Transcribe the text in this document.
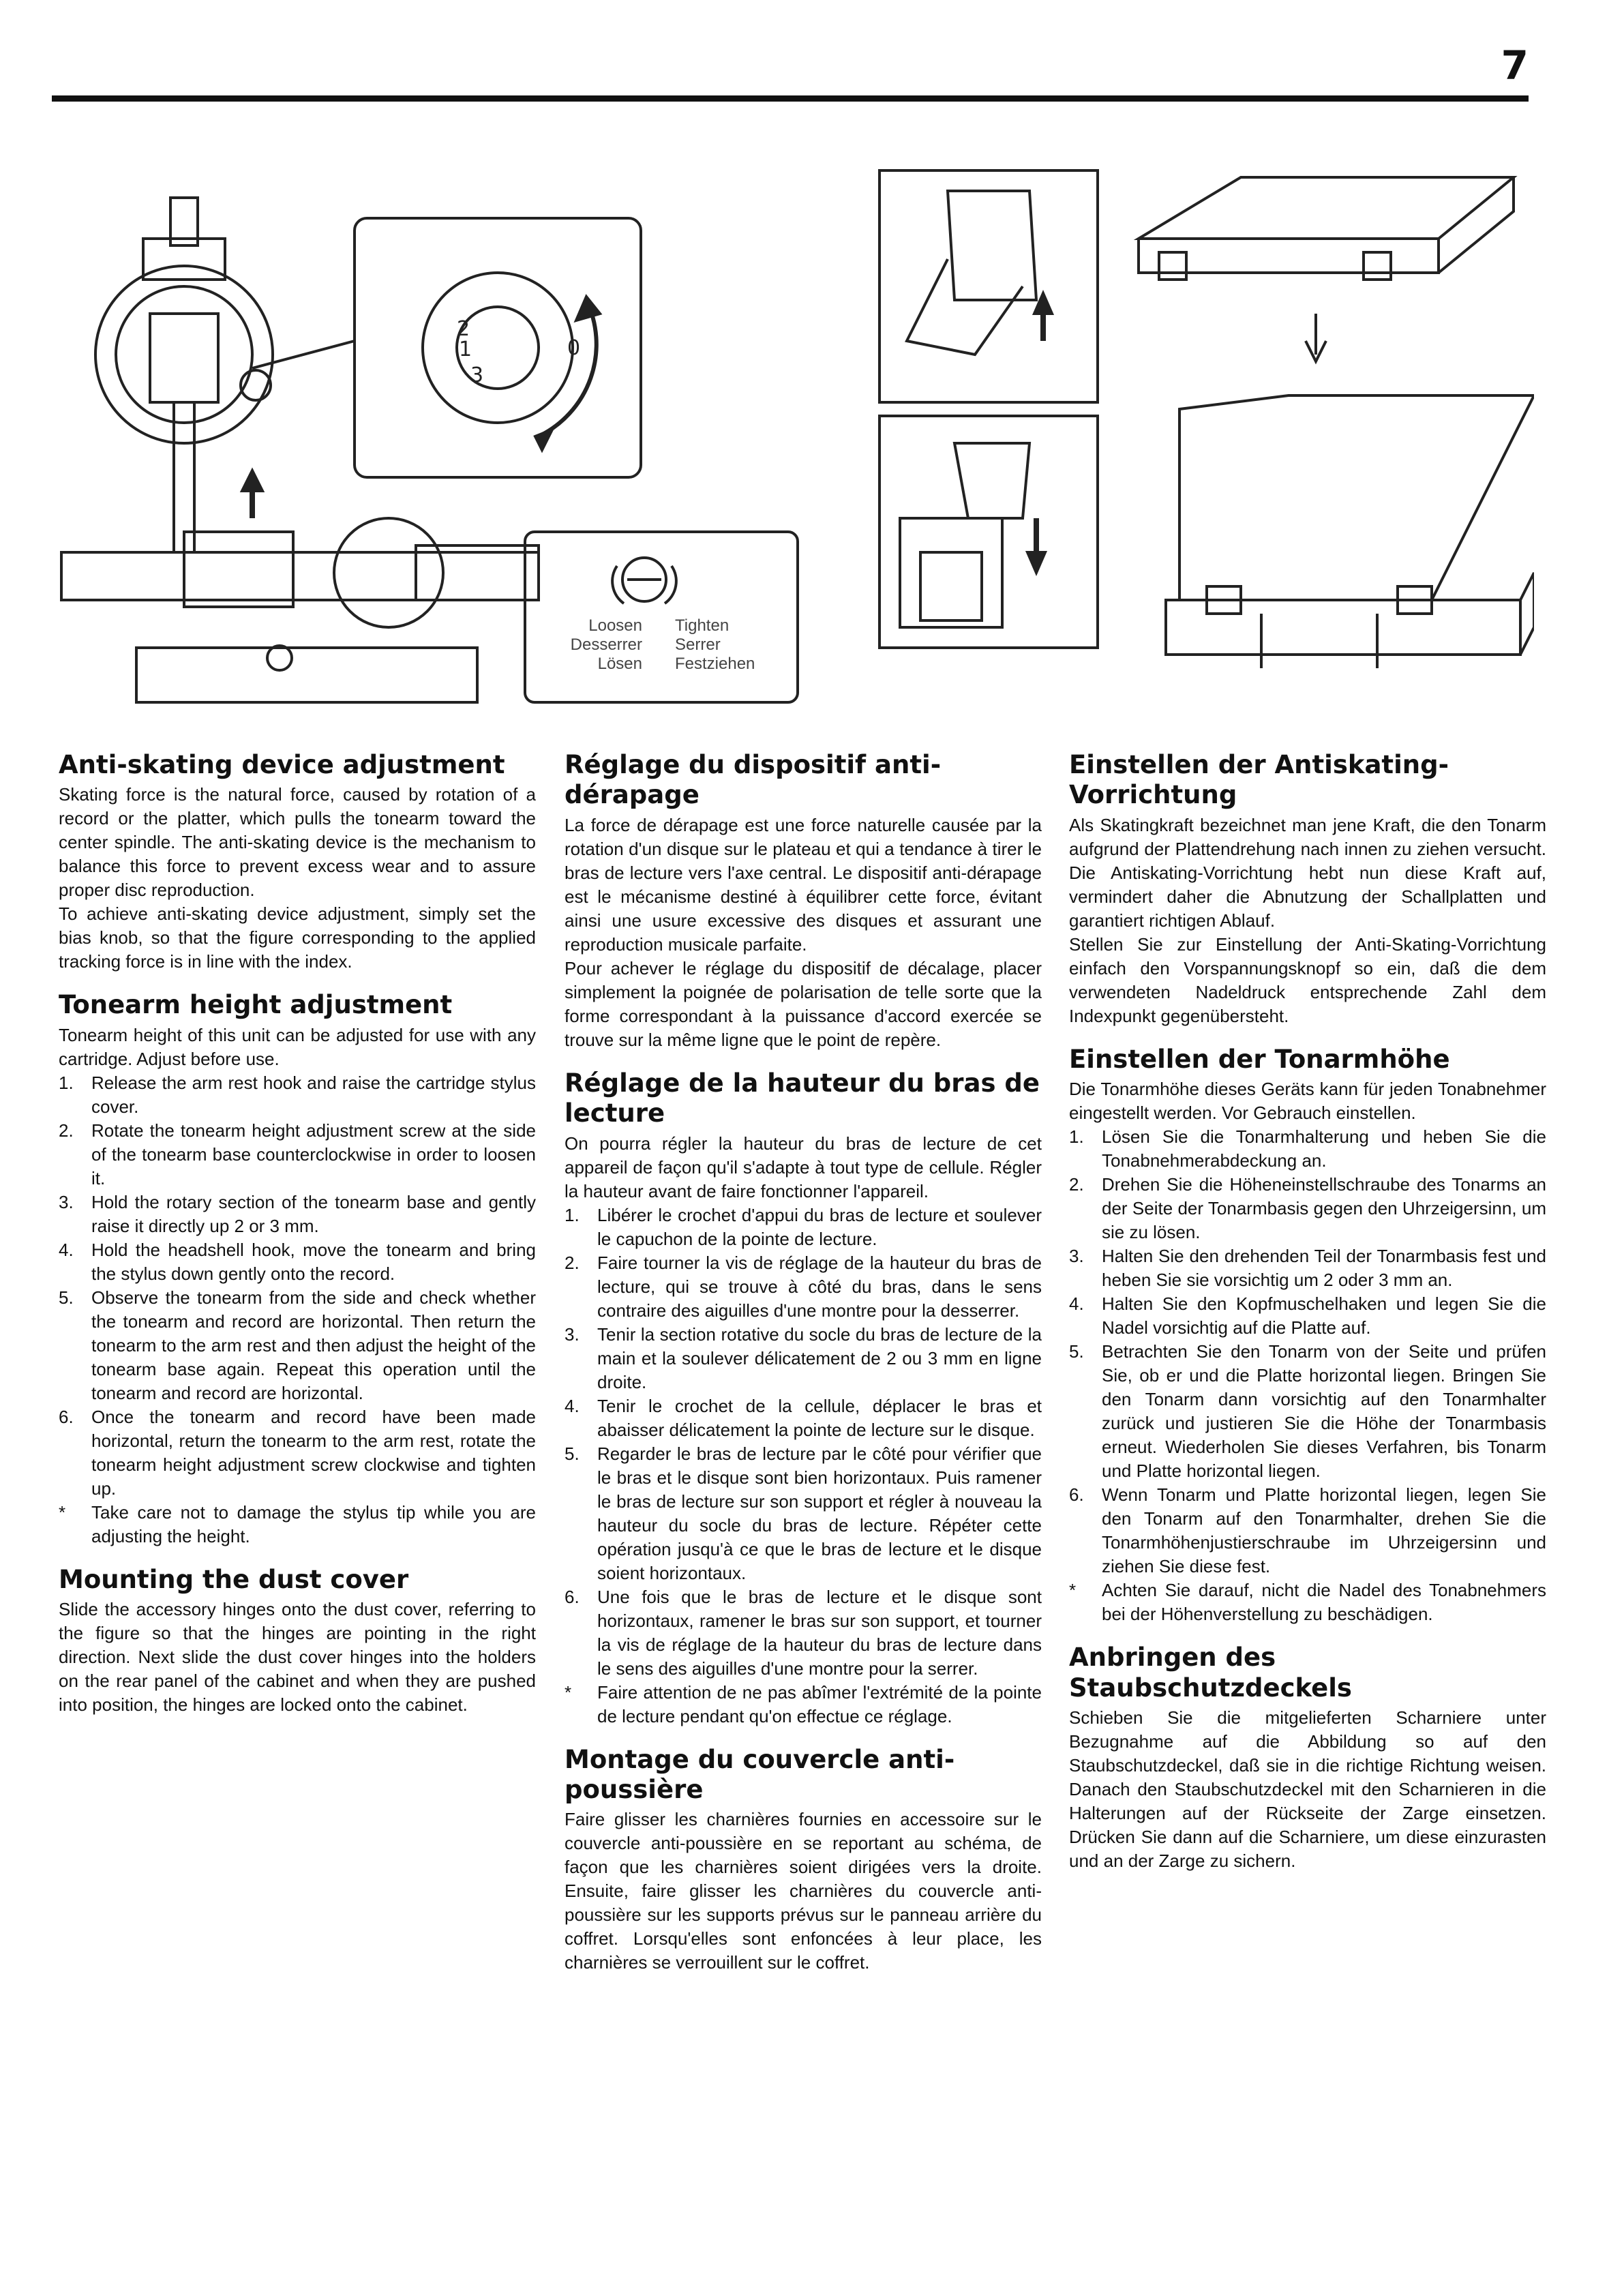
7
1
2
3
0
Loosen
Desserrer
Lösen
Tighten
Serrer
Festziehen
Anti-skating device adjustment

Skating force is the natural force, caused by rotation of a record or the platter, which pulls the tonearm toward the center spindle. The anti-skating device is the mechanism to balance this force to prevent excess wear and to assure proper disc reproduction.

To achieve anti-skating device adjustment, simply set the bias knob, so that the figure corresponding to the applied tracking force is in line with the index.

Tonearm height adjustment

Tonearm height of this unit can be adjusted for use with any cartridge. Adjust before use.

1. Release the arm rest hook and raise the cartridge stylus cover.
2. Rotate the tonearm height adjustment screw at the side of the tonearm base counterclockwise in order to loosen it.
3. Hold the rotary section of the tonearm base and gently raise it directly up 2 or 3 mm.
4. Hold the headshell hook, move the tonearm and bring the stylus down gently onto the record.
5. Observe the tonearm from the side and check whether the tonearm and record are horizontal. Then return the tonearm to the arm rest and then adjust the height of the tonearm base again. Repeat this operation until the tonearm and record are horizontal.
6. Once the tonearm and record have been made horizontal, return the tonearm to the arm rest, rotate the tonearm height adjustment screw clockwise and tighten up.
* Take care not to damage the stylus tip while you are adjusting the height.
Mounting the dust cover

Slide the accessory hinges onto the dust cover, referring to the figure so that the hinges are pointing in the right direction. Next slide the dust cover hinges into the holders on the rear panel of the cabinet and when they are pushed into position, the hinges are locked onto the cabinet.

Réglage du dispositif anti-dérapage

La force de dérapage est une force naturelle causée par la rotation d'un disque sur le plateau et qui a tendance à tirer le bras de lecture vers l'axe central. Le dispositif anti-dérapage est le mécanisme destiné à équilibrer cette force, évitant ainsi une usure excessive des disques et assurant une reproduction musicale parfaite.

Pour achever le réglage du dispositif de décalage, placer simplement la poignée de polarisation de telle sorte que la forme correspondant à la puissance d'accord exercée se trouve sur la même ligne que le point de repère.

Réglage de la hauteur du bras de lecture

On pourra régler la hauteur du bras de lecture de cet appareil de façon qu'il s'adapte à tout type de cellule. Régler la hauteur avant de faire fonctionner l'appareil.

1. Libérer le crochet d'appui du bras de lecture et soulever le capuchon de la pointe de lecture.
2. Faire tourner la vis de réglage de la hauteur du bras de lecture, qui se trouve à côté du bras, dans le sens contraire des aiguilles d'une montre pour la desserrer.
3. Tenir la section rotative du socle du bras de lecture de la main et la soulever délicatement de 2 ou 3 mm en ligne droite.
4. Tenir le crochet de la cellule, déplacer le bras et abaisser délicatement la pointe de lecture sur le disque.
5. Regarder le bras de lecture par le côté pour vérifier que le bras et le disque sont bien horizontaux. Puis ramener le bras de lecture sur son support et régler à nouveau la hauteur du socle du bras de lecture. Répéter cette opération jusqu'à ce que le bras de lecture et le disque soient horizontaux.
6. Une fois que le bras de lecture et le disque sont horizontaux, ramener le bras sur son support, et tourner la vis de réglage de la hauteur du bras de lecture dans le sens des aiguilles d'une montre pour la serrer.
* Faire attention de ne pas abîmer l'extrémité de la pointe de lecture pendant qu'on effectue ce réglage.
Montage du couvercle anti-poussière

Faire glisser les charnières fournies en accessoire sur le couvercle anti-poussière en se reportant au schéma, de façon que les charnières soient dirigées vers la droite. Ensuite, faire glisser les charnières du couvercle anti-poussière sur les supports prévus sur le panneau arrière du coffret. Lorsqu'elles sont enfoncées à leur place, les charnières se verrouillent sur le coffret.

Einstellen der Antiskating-Vorrichtung

Als Skatingkraft bezeichnet man jene Kraft, die den Tonarm aufgrund der Plattendrehung nach innen zu ziehen versucht. Die Antiskating-Vorrichtung hebt nun diese Kraft auf, vermindert daher die Abnutzung der Schallplatten und garantiert richtigen Ablauf.

Stellen Sie zur Einstellung der Anti-Skating-Vorrichtung einfach den Vorspannungsknopf so ein, daß die dem verwendeten Nadeldruck entsprechende Zahl dem Indexpunkt gegenübersteht.

Einstellen der Tonarmhöhe

Die Tonarmhöhe dieses Geräts kann für jeden Tonabnehmer eingestellt werden. Vor Gebrauch einstellen.

1. Lösen Sie die Tonarmhalterung und heben Sie die Tonabnehmerabdeckung an.
2. Drehen Sie die Höheneinstellschraube des Tonarms an der Seite der Tonarmbasis gegen den Uhrzeigersinn, um sie zu lösen.
3. Halten Sie den drehenden Teil der Tonarmbasis fest und heben Sie sie vorsichtig um 2 oder 3 mm an.
4. Halten Sie den Kopfmuschelhaken und legen Sie die Nadel vorsichtig auf die Platte auf.
5. Betrachten Sie den Tonarm von der Seite und prüfen Sie, ob er und die Platte horizontal liegen. Bringen Sie den Tonarm dann vorsichtig auf den Tonarmhalter zurück und justieren Sie die Höhe der Tonarmbasis erneut. Wiederholen Sie dieses Verfahren, bis Tonarm und Platte horizontal liegen.
6. Wenn Tonarm und Platte horizontal liegen, legen Sie den Tonarm auf den Tonarmhalter, drehen Sie die Tonarmhöhenjustierschraube im Uhrzeigersinn und ziehen Sie diese fest.
* Achten Sie darauf, nicht die Nadel des Tonabnehmers bei der Höhenverstellung zu beschädigen.
Anbringen des Staubschutzdeckels

Schieben Sie die mitgelieferten Scharniere unter Bezugnahme auf die Abbildung so auf den Staubschutzdeckel, daß sie in die richtige Richtung weisen. Danach den Staubschutzdeckel mit den Scharnieren in die Halterungen auf der Rückseite der Zarge einsetzen. Drücken Sie dann auf die Scharniere, um diese einzurasten und an der Zarge zu sichern.
